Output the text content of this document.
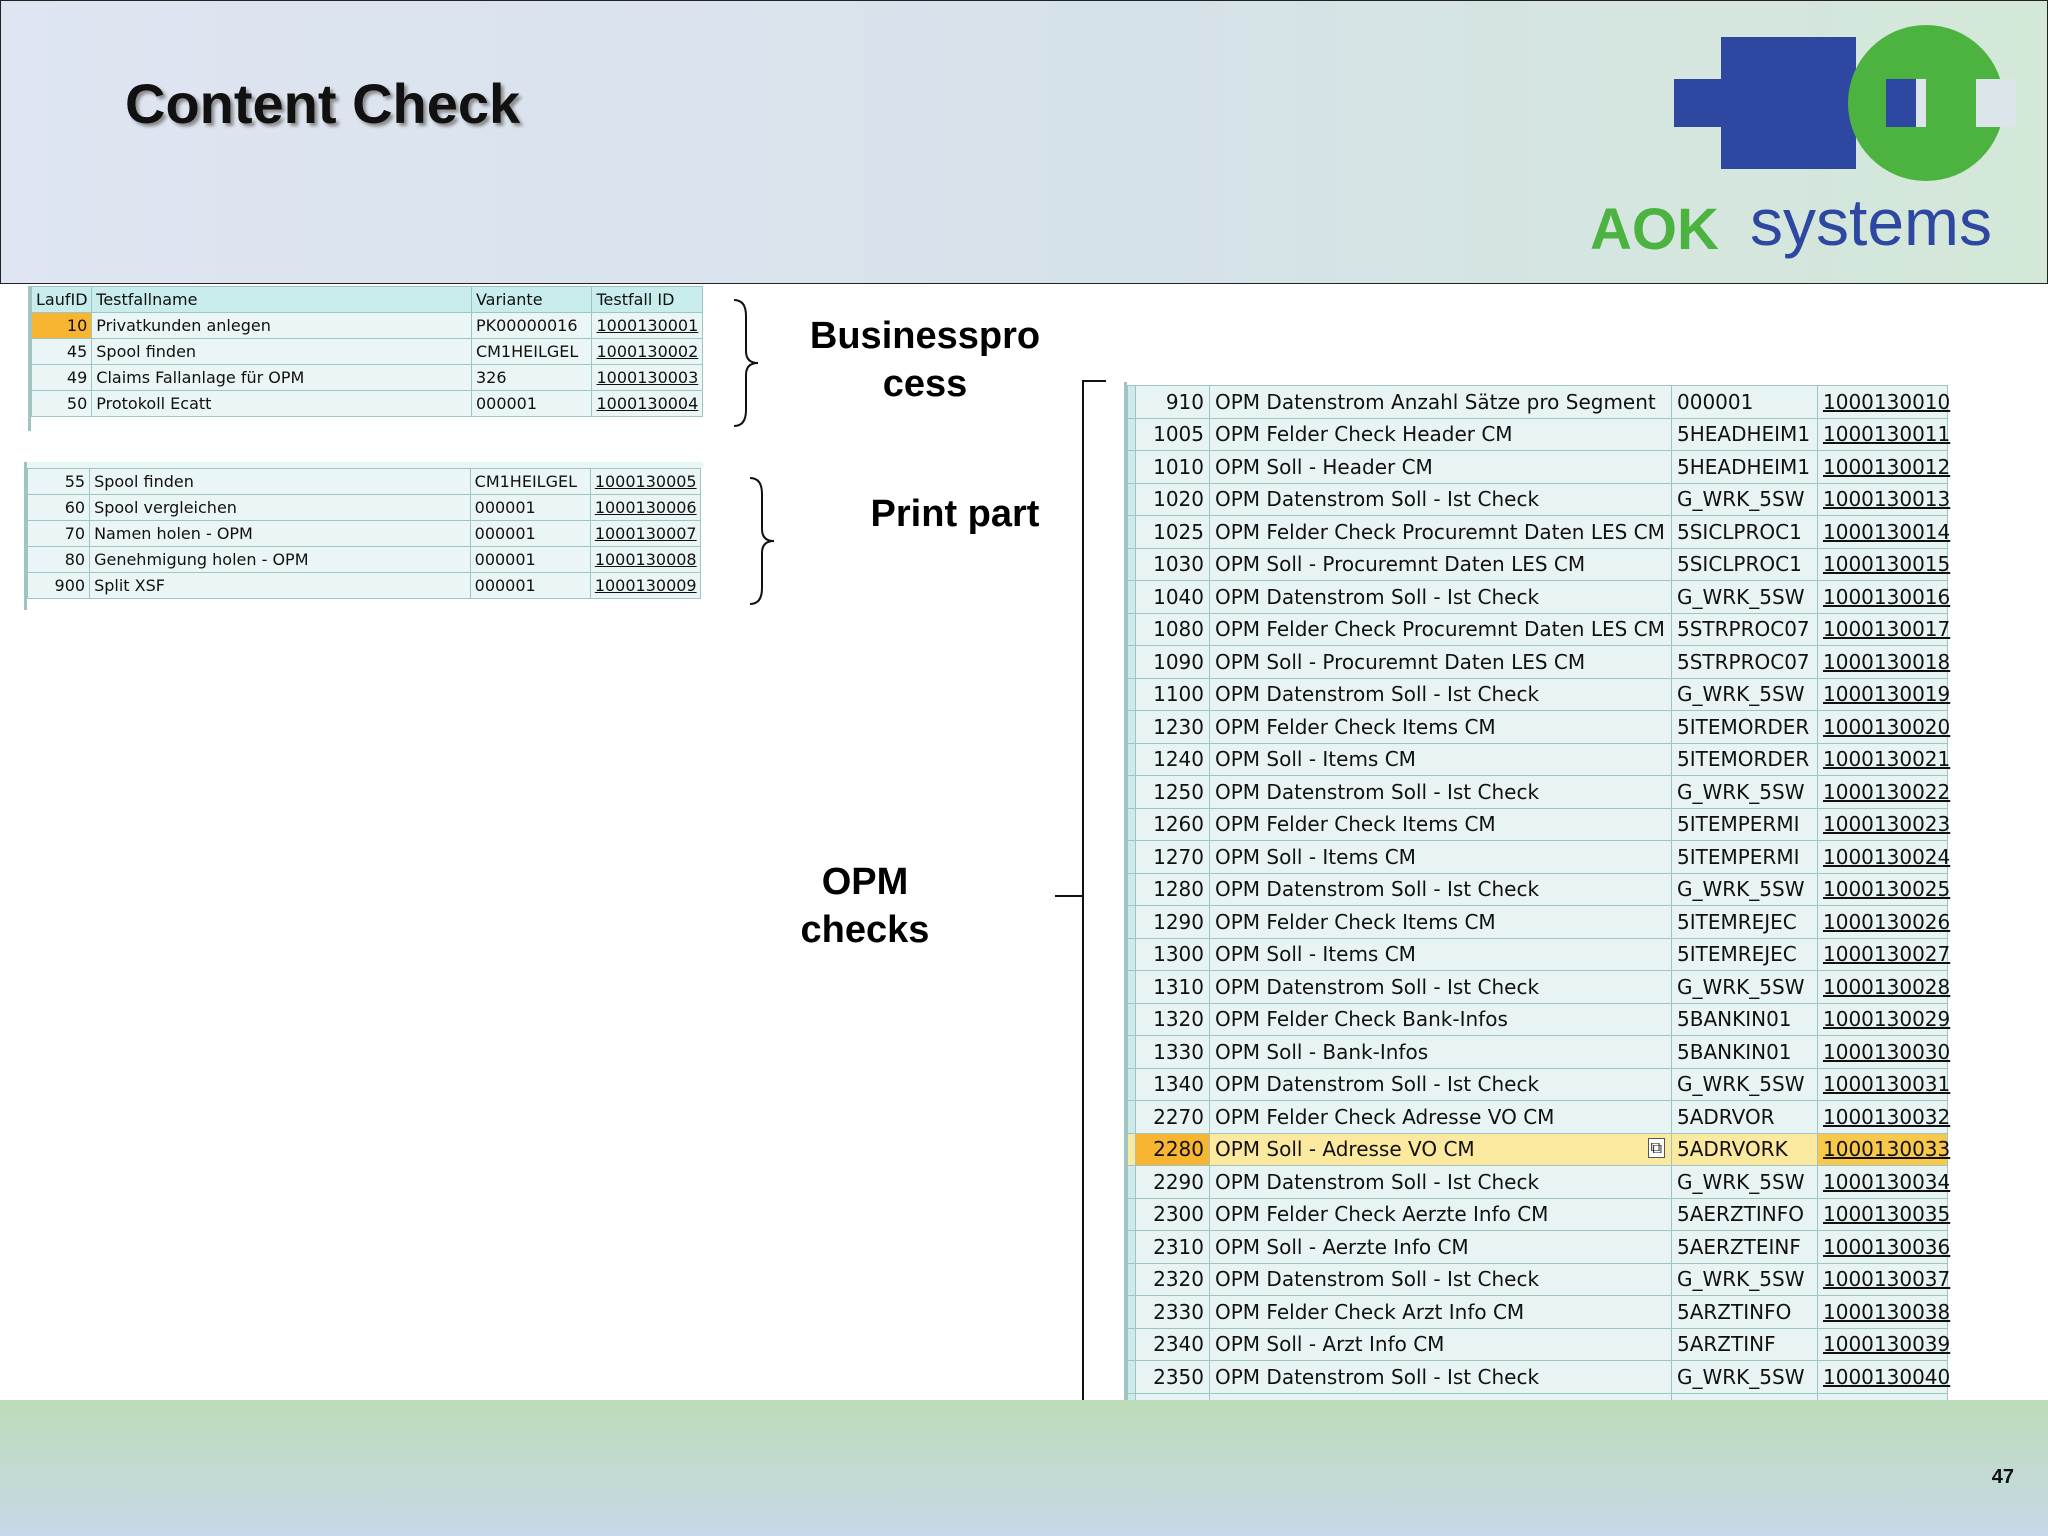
Content Check
AOK systems
Businesspro
cess
Print part
OPM
checks
LaufID	Testfallname	Variante	Testfall ID
10	Privatkunden anlegen	PK00000016	1000130001
45	Spool finden	CM1HEILGEL	1000130002
49	Claims Fallanlage für OPM	326	1000130003
50	Protokoll Ecatt	000001	1000130004
55	Spool finden	CM1HEILGEL	1000130005
60	Spool vergleichen	000001	1000130006
70	Namen holen - OPM	000001	1000130007
80	Genehmigung holen - OPM	000001	1000130008
900	Split XSF	000001	1000130009
	910	OPM Datenstrom Anzahl Sätze pro Segment	000001	1000130010
	1005	OPM Felder Check Header CM	5HEADHEIM1	1000130011
	1010	OPM Soll - Header CM	5HEADHEIM1	1000130012
	1020	OPM Datenstrom Soll - Ist Check	G_WRK_5SW	1000130013
	1025	OPM Felder Check Procuremnt Daten LES CM	5SICLPROC1	1000130014
	1030	OPM Soll - Procuremnt Daten LES CM	5SICLPROC1	1000130015
	1040	OPM Datenstrom Soll - Ist Check	G_WRK_5SW	1000130016
	1080	OPM Felder Check Procuremnt Daten LES CM	5STRPROC07	1000130017
	1090	OPM Soll - Procuremnt Daten LES CM	5STRPROC07	1000130018
	1100	OPM Datenstrom Soll - Ist Check	G_WRK_5SW	1000130019
	1230	OPM Felder Check Items CM	5ITEMORDER	1000130020
	1240	OPM Soll - Items CM	5ITEMORDER	1000130021
	1250	OPM Datenstrom Soll - Ist Check	G_WRK_5SW	1000130022
	1260	OPM Felder Check Items CM	5ITEMPERMI	1000130023
	1270	OPM Soll - Items CM	5ITEMPERMI	1000130024
	1280	OPM Datenstrom Soll - Ist Check	G_WRK_5SW	1000130025
	1290	OPM Felder Check Items CM	5ITEMREJEC	1000130026
	1300	OPM Soll - Items CM	5ITEMREJEC	1000130027
	1310	OPM Datenstrom Soll - Ist Check	G_WRK_5SW	1000130028
	1320	OPM Felder Check Bank-Infos	5BANKIN01	1000130029
	1330	OPM Soll - Bank-Infos	5BANKIN01	1000130030
	1340	OPM Datenstrom Soll - Ist Check	G_WRK_5SW	1000130031
	2270	OPM Felder Check Adresse VO CM	5ADRVOR	1000130032
	2280	OPM Soll - Adresse VO CM ⧉	5ADRVORK	1000130033
	2290	OPM Datenstrom Soll - Ist Check	G_WRK_5SW	1000130034
	2300	OPM Felder Check Aerzte Info CM	5AERZTINFO	1000130035
	2310	OPM Soll - Aerzte Info CM	5AERZTEINF	1000130036
	2320	OPM Datenstrom Soll - Ist Check	G_WRK_5SW	1000130037
	2330	OPM Felder Check Arzt Info CM	5ARZTINFO	1000130038
	2340	OPM Soll - Arzt Info CM	5ARZTINF	1000130039
	2350	OPM Datenstrom Soll - Ist Check	G_WRK_5SW	1000130040

47
